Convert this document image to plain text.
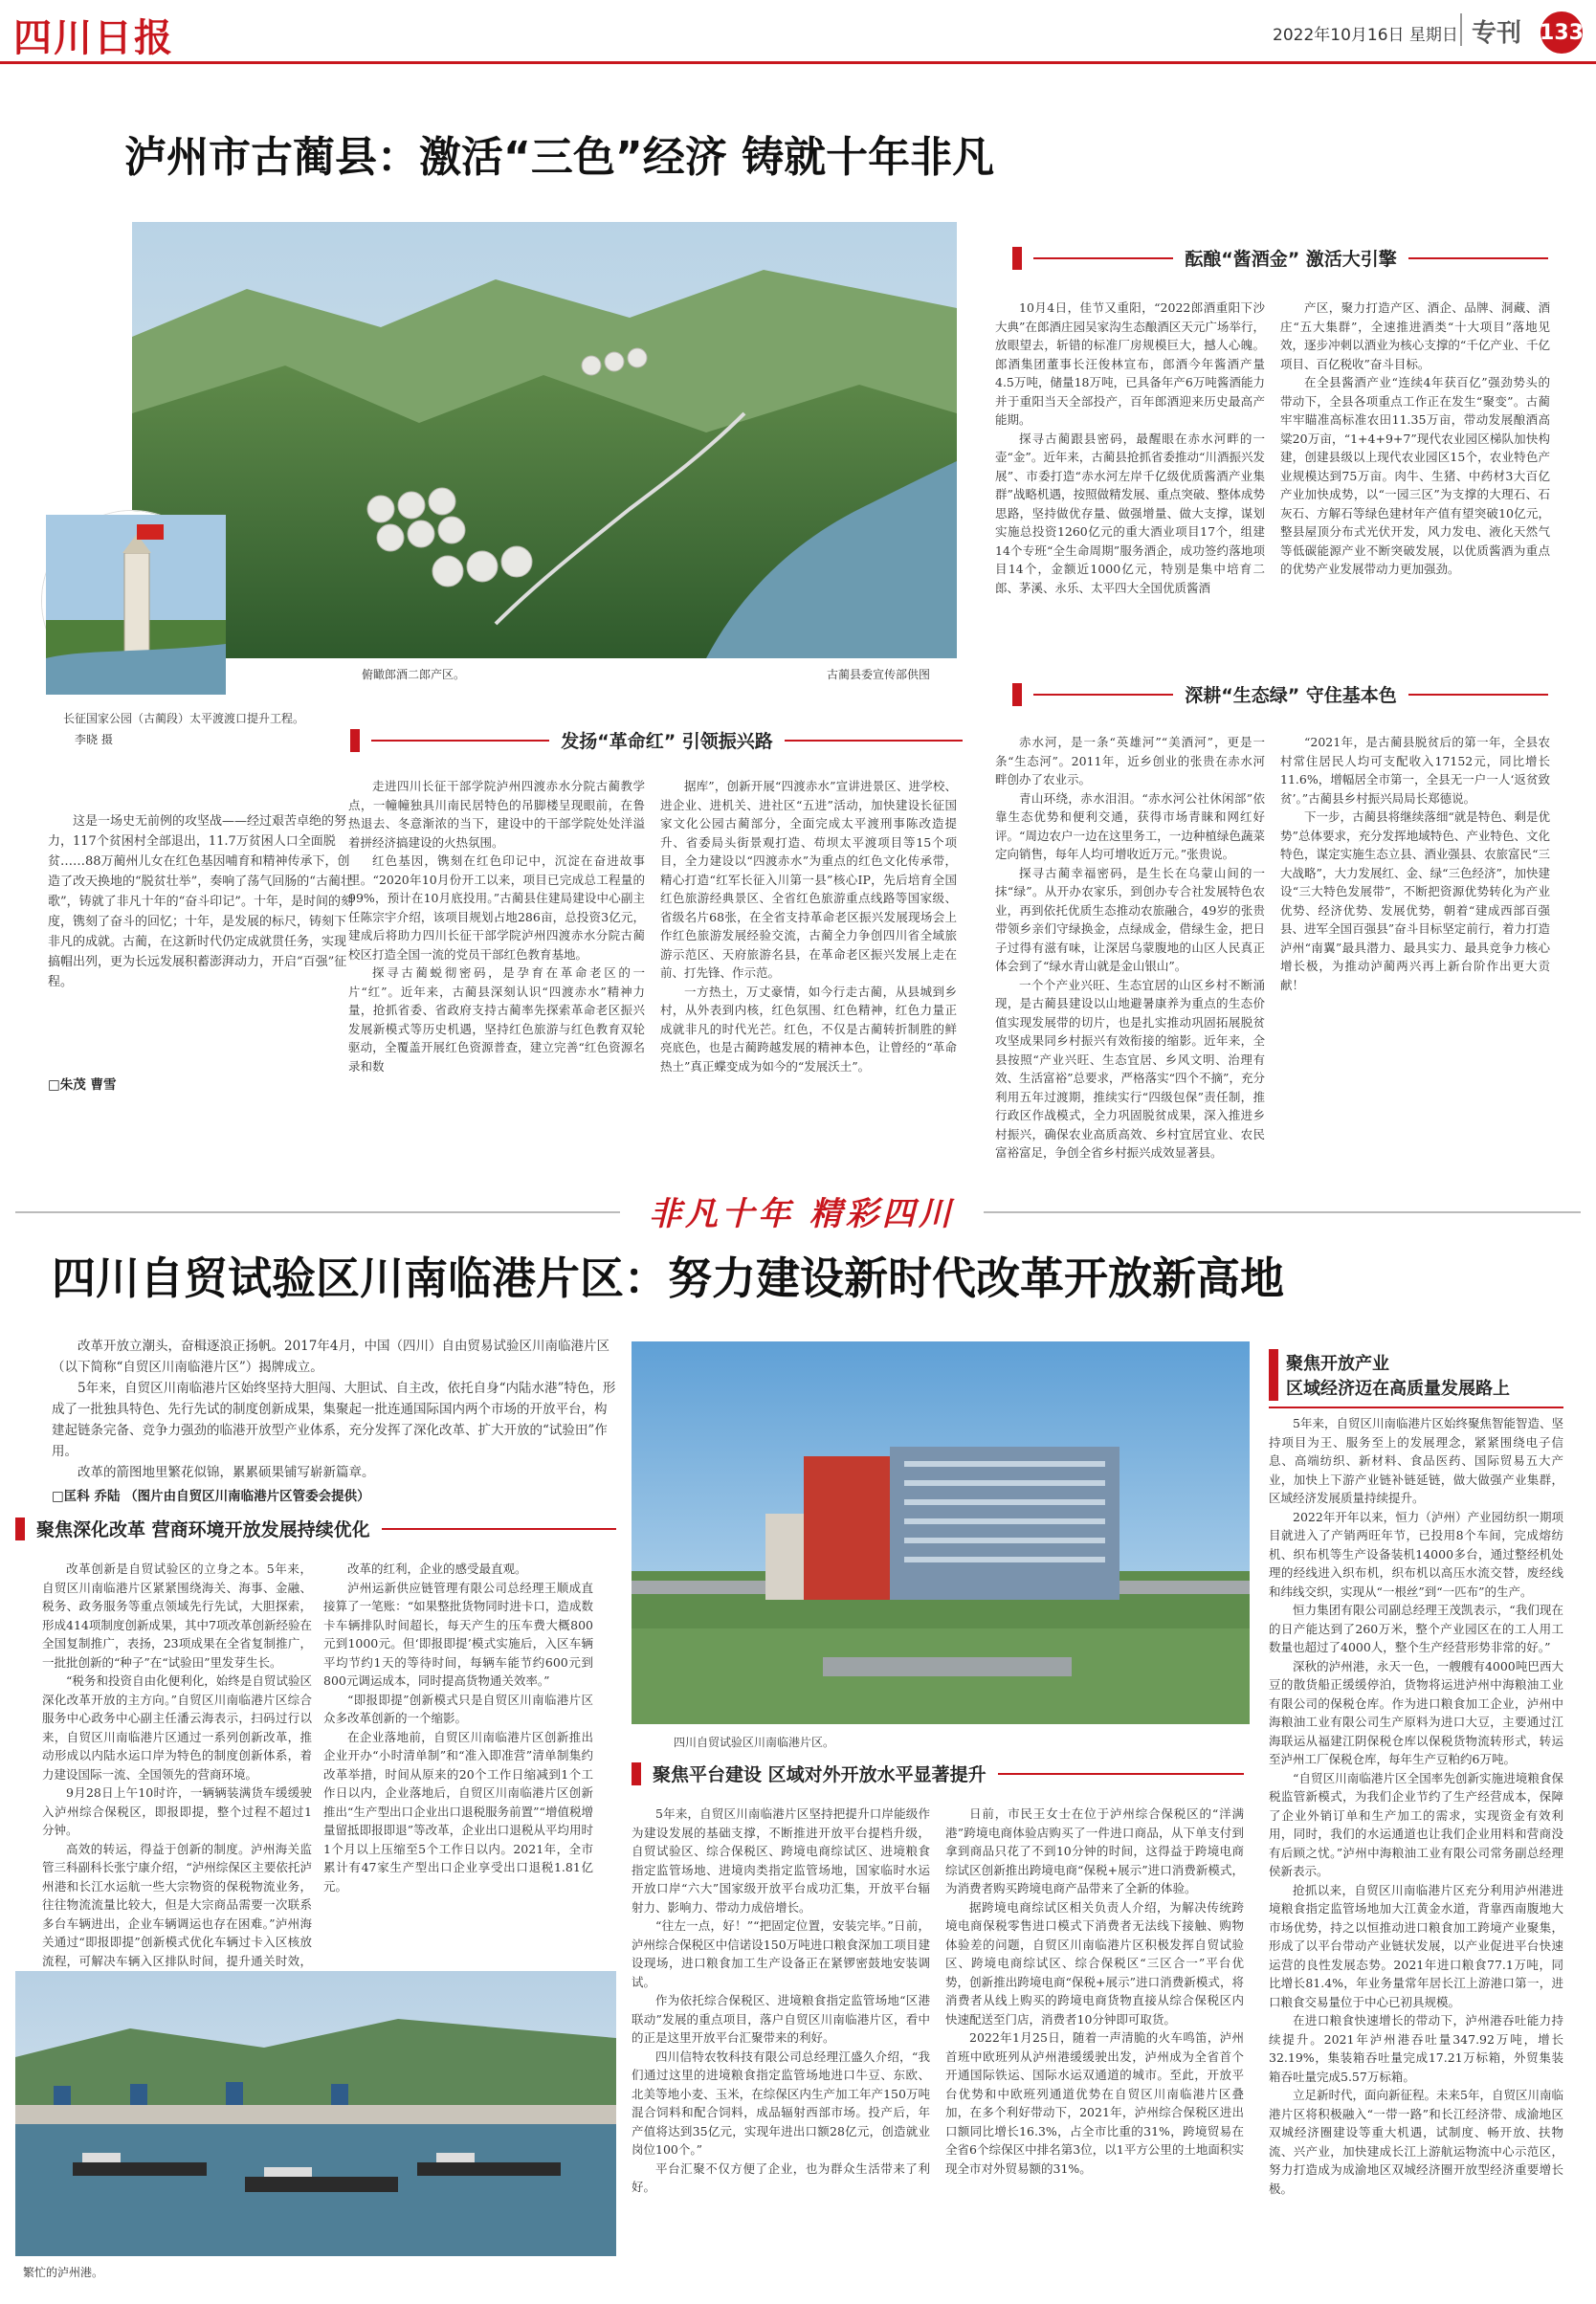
四川日报	2022年10月16日 星期日 专刊 133
泸州市古蔺县：激活“三色”经济 铸就十年非凡
俯瞰郎酒二郎产区。	古蔺县委宣传部供图
长征国家公园（古蔺段）太平渡渡口提升工程。 李晓 摄
这是一场史无前例的攻坚战——经过艰苦卓绝的努力，117个贫困村全部退出，11.7万贫困人口全面脱贫……88万蔺州儿女在红色基因哺育和精神传承下，创造了改天换地的“脱贫壮举”，奏响了荡气回肠的“古蔺壮歌”，铸就了非凡十年的“奋斗印记”。十年，是时间的刻度，镌刻了奋斗的回忆；十年，是发展的标尺，铸刻下非凡的成就。古蔺，在这新时代仍定成就贯任务，实现搞帽出列，更为长远发展积蓄澎湃动力，开启“百强”征程。
□朱茂 曹雪
酝酿“酱酒金” 激活大引擎

10月4日，佳节又重阳，“2022郎酒重阳下沙大典”在郎酒庄园吴家沟生态酿酒区天元广场举行，放眼望去，斩错的标准厂房规模巨大，撼人心魄。郎酒集团董事长汪俊林宣布，郎酒今年酱酒产量4.5万吨，储量18万吨，已具备年产6万吨酱酒能力并于重阳当天全部投产，百年郎酒迎来历史最高产能期。

探寻古蔺跟县密码，最醒眼在赤水河畔的一壶“金”。近年来，古蔺县抢抓省委推动“川酒振兴发展”、市委打造“赤水河左岸千亿级优质酱酒产业集群”战略机遇，按照做精发展、重点突破、整体成势思路，坚持做优存量、做强增量、做大支撑，谋划实施总投资1260亿元的重大酒业项目17个，组建14个专班“全生命周期”服务酒企，成功签约落地项目14个，金额近1000亿元，特别是集中培育二郎、茅溪、永乐、太平四大全国优质酱酒

产区，聚力打造产区、酒企、品牌、洞藏、酒庄“五大集群”，全速推进酒类“十大项目”落地见效，逐步冲刺以酒业为核心支撑的“千亿产业、千亿项目、百亿税收”奋斗目标。

在全县酱酒产业“连续4年获百亿”强劲势头的带动下，全县各项重点工作正在发生“聚变”。古蔺牢牢瞄准高标准农田11.35万亩，带动发展酿酒高粱20万亩，“1+4+9+7”现代农业园区梯队加快构建，创建县级以上现代农业园区15个，农业特色产业规模达到75万亩。肉牛、生猪、中药材3大百亿产业加快成势，以“一园三区”为支撑的大理石、石灰石、方解石等绿色建材年产值有望突破10亿元，整县屋顶分布式光伏开发，风力发电、液化天然气等低碳能源产业不断突破发展，以优质酱酒为重点的优势产业发展带动力更加强劲。

发扬“革命红” 引领振兴路

走进四川长征干部学院泸州四渡赤水分院古蔺教学点，一幢幢独具川南民居特色的吊脚楼呈现眼前，在鲁热退去、冬意渐浓的当下，建设中的干部学院处处洋溢着拼经济搞建设的火热氛围。

红色基因，镌刻在红色印记中，沉淀在奋进故事里。“2020年10月份开工以来，项目已完成总工程量的99%，预计在10月底投用。”古蔺县住建局建设中心副主任陈宗宇介绍，该项目规划占地286亩，总投资3亿元，建成后将助力四川长征干部学院泸州四渡赤水分院古蔺校区打造全国一流的党员干部红色教育基地。

探寻古蔺蜕彻密码，是孕育在革命老区的一片“红”。近年来，古蔺县深刻认识“四渡赤水”精神力量，抢抓省委、省政府支持古蔺率先探索革命老区振兴发展新模式等历史机遇，坚持红色旅游与红色教育双轮驱动，全覆盖开展红色资源普查，建立完善“红色资源名录和数

据库”，创新开展“四渡赤水”宣讲进景区、进学校、进企业、进机关、进社区“五进”活动，加快建设长征国家文化公园古蔺部分，全面完成太平渡刑事陈改造提升、省委局头街景观打造、苟坝太平渡项目等15个项目，全力建设以“四渡赤水”为重点的红色文化传承带，精心打造“红军长征入川第一县”核心IP，先后培育全国红色旅游经典景区、全省红色旅游重点线路等国家级、省级名片68张，在全省支持革命老区振兴发展现场会上作红色旅游发展经验交流，古蔺全力争创四川省全域旅游示范区、天府旅游名县，在革命老区振兴发展上走在前、打先锋、作示范。

一方热土，万丈豪情，如今行走古蔺，从县城到乡村，从外表到内核，红色氛围、红色精神，红色力量正成就非凡的时代光芒。红色，不仅是古蔺转折制胜的鲜亮底色，也是古蔺跨越发展的精神本色，让曾经的“革命热土”真正蝶变成为如今的“发展沃土”。

深耕“生态绿” 守住基本色

赤水河，是一条“英雄河”“美酒河”，更是一条“生态河”。2011年，近乡创业的张贵在赤水河畔创办了农业示。

青山环绕，赤水泪泪。“赤水河公社休闲部”依靠生态优势和便利交通，获得市场青睐和网红好评。“周边农户一边在这里务工，一边种植绿色蔬菜定向销售，每年人均可增收近万元。”张贵说。

探寻古蔺幸福密码，是生长在乌蒙山间的一抹“绿”。从开办农家乐，到创办专合社发展特色农业，再到依托优质生态推动农旅融合，49岁的张贵带领乡亲们守绿换金，点绿成金，借绿生金，把日子过得有滋有味，让深居乌蒙腹地的山区人民真正体会到了“绿水青山就是金山银山”。

一个个产业兴旺、生态宜居的山区乡村不断涌现，是古蔺县建设以山地避暑康养为重点的生态价值实现发展带的切片，也是扎实推动巩固拓展脱贫攻坚成果同乡村振兴有效衔接的缩影。近年来，全县按照“产业兴旺、生态宜居、乡风文明、治理有效、生活富裕”总要求，严格落实“四个不摘”，充分利用五年过渡期，推续实行“四级包保”责任制，推行政区作战模式，全力巩固脱贫成果，深入推进乡村振兴，确保农业高质高效、乡村宜居宜业、农民富裕富足，争创全省乡村振兴成效显著县。

“2021年，是古蔺县脱贫后的第一年，全县农村常住居民人均可支配收入17152元，同比增长11.6%，增幅居全市第一，全县无一户一人‘返贫致贫’。”古蔺县乡村振兴局局长郑德说。

下一步，古蔺县将继续落细“就是特色、剩是优势”总体要求，充分发挥地域特色、产业特色、文化特色，谋定实施生态立县、酒业强县、农旅富民“三大战略”，大力发展红、金、绿“三色经济”，加快建设“三大特色发展带”，不断把资源优势转化为产业优势、经济优势、发展优势，朝着“建成西部百强县、进军全国百强县”奋斗目标坚定前行，着力打造泸州“南翼”最具潜力、最具实力、最具竞争力核心增长极，为推动泸蔺两兴再上新台阶作出更大贡献！

非凡十年 精彩四川
四川自贸试验区川南临港片区：努力建设新时代改革开放新高地

改革开放立潮头，奋楫逐浪正扬帆。2017年4月，中国（四川）自由贸易试验区川南临港片区（以下简称“自贸区川南临港片区”）揭牌成立。

5年来，自贸区川南临港片区始终坚持大胆闯、大胆试、自主改，依托自身“内陆水港”特色，形成了一批独具特色、先行先试的制度创新成果，集聚起一批连通国际国内两个市场的开放平台，构建起链条完备、竞争力强劲的临港开放型产业体系，充分发挥了深化改革、扩大开放的“试验田”作用。

改革的箭图地里繁花似锦，累累硕果铺写崭新篇章。

□匡科 乔陆 （图片由自贸区川南临港片区管委会提供）
四川自贸试验区川南临港片区。
聚焦深化改革 营商环境开放发展持续优化

改革创新是自贸试验区的立身之本。5年来，自贸区川南临港片区紧紧围绕海关、海事、金融、税务、政务服务等重点领域先行先试，大胆探索，形成414项制度创新成果，其中7项改革创新经验在全国复制推广，表扬，23项成果在全省复制推广，一批批创新的“种子”在“试验田”里发芽生长。

“税务和投资自由化便利化，始终是自贸试验区深化改革开放的主方向。”自贸区川南临港片区综合服务中心政务中心副主任潘云海表示，扫码过行以来，自贸区川南临港片区通过一系列创新改革，推动形成以内陆水运口岸为特色的制度创新体系，着力建设国际一流、全国领先的营商环境。

9月28日上午10时许，一辆辆装满货车缓缓驶入泸州综合保税区，即报即提，整个过程不超过1分钟。

高效的转运，得益于创新的制度。泸州海关监管三科副科长张宁康介绍，“泸州综保区主要依托泸州港和长江水运航一些大宗物资的保税物流业务，往往物流流量比较大，但是大宗商品需要一次联系多台车辆进出，企业车辆调运也存在困难。”泸州海关通过“即报即提”创新模式优化车辆过卡入区核放流程，可解决车辆入区排队时间，提升通关时效，

改革的红利，企业的感受最直观。

泸州运新供应链管理有限公司总经理王顺成直接算了一笔账：“如果整批货物同时进卡口，造成数卡车辆排队时间超长，每天产生的压车费大概800元到1000元。但‘即报即提’模式实施后，入区车辆平均节约1天的等待时间，每辆车能节约600元到800元调运成本，同时提高货物通关效率。”

“即报即提”创新模式只是自贸区川南临港片区众多改革创新的一个缩影。

在企业落地前，自贸区川南临港片区创新推出企业开办“小时清单制”和“准入即准营”清单制集约改革举措，时间从原来的20个工作日缩减到1个工作日以内，企业落地后，自贸区川南临港片区创新推出“生产型出口企业出口退税服务前置”“增值税增量留抵即报即退”等改革，企业出口退税从平均用时1个月以上压缩至5个工作日以内。2021年，全市累计有47家生产型出口企业享受出口退税1.81亿元。

繁忙的泸州港。
聚焦平台建设 区域对外开放水平显著提升

5年来，自贸区川南临港片区坚持把提升口岸能级作为建设发展的基础支撑，不断推进开放平台提档升级，自贸试验区、综合保税区、跨境电商综试区、进境粮食指定监管场地、进境肉类指定监管场地，国家临时水运开放口岸“六大”国家级开放平台成功汇集，开放平台辐射力、影响力、带动力成倍增长。

“往左一点，好！”“把固定位置，安装完毕。”日前，泸州综合保税区中信诺设150万吨进口粮食深加工项目建设现场，进口粮食加工生产设备正在紧锣密鼓地安装调试。

作为依托综合保税区、进境粮食指定监管场地“区港联动”发展的重点项目，落户自贸区川南临港片区，看中的正是这里开放平台汇聚带来的利好。

四川信特农牧科技有限公司总经理江盛久介绍，“我们通过这里的进境粮食指定监管场地进口牛豆、东欧、北美等地小麦、玉米，在综保区内生产加工年产150万吨混合饲料和配合饲料，成品辐射西部市场。投产后，年产值将达到35亿元，实现年进出口额28亿元，创造就业岗位100个。”

平台汇聚不仅方便了企业，也为群众生活带来了利好。

日前，市民王女士在位于泸州综合保税区的“洋满港”跨境电商体验店购买了一件进口商品，从下单支付到拿到商品只花了不到10分钟的时间，这得益于跨境电商综试区创新推出跨境电商“保税+展示”进口消费新模式，为消费者购买跨境电商产品带来了全新的体验。

据跨境电商综试区相关负责人介绍，为解决传统跨境电商保税零售进口模式下消费者无法线下接触、购物体验差的问题，自贸区川南临港片区积极发挥自贸试验区、跨境电商综试区、综合保税区“三区合一”平台优势，创新推出跨境电商“保税+展示”进口消费新模式，将消费者从线上购买的跨境电商货物直接从综合保税区内快速配送至门店，消费者10分钟即可取货。

2022年1月25日，随着一声清脆的火车鸣笛，泸州首班中欧班列从泸州港缓缓驶出发，泸州成为全省首个开通国际铁运、国际水运双通道的城市。至此，开放平台优势和中欧班列通道优势在自贸区川南临港片区叠加，在多个利好带动下，2021年，泸州综合保税区进出口额同比增长16.3%，占全市比重的31%，跨境贸易在全省6个综保区中排名第3位，以1平方公里的土地面积实现全市对外贸易额的31%。

聚焦开放产业
区域经济迈在高质量发展路上

5年来，自贸区川南临港片区始终聚焦智能智造、坚持项目为王、服务至上的发展理念，紧紧围绕电子信息、高端纺织、新材料、食品医药、国际贸易五大产业，加快上下游产业链补链延链，做大做强产业集群，区域经济发展质量持续提升。

2022年开年以来，恒力（泸州）产业园纺织一期项目就进入了产销两旺年节，已投用8个车间，完成熔纺机、织布机等生产设备装机14000多台，通过整经机处理的经线进入织布机，织布机以高压水流交替，废经线和纬线交织，实现从“一根丝”到“一匹布”的生产。

恒力集团有限公司副总经理王茂凯表示，“我们现在的日产能达到了260万米，整个产业园区在的工人用工数量也超过了4000人，整个生产经营形势非常的好。”

深秋的泸州港，永天一色，一艘艘有4000吨巴西大豆的散货船正缓缓停泊，货物将运进泸州中海粮油工业有限公司的保税仓库。作为进口粮食加工企业，泸州中海粮油工业有限公司生产原料为进口大豆，主要通过江海联运从福建江阴保税仓库以保税货物流转形式，转运至泸州工厂保税仓库，每年生产豆粕约6万吨。

“自贸区川南临港片区全国率先创新实施进境粮食保税监管新模式，为我们企业节约了生产经营成本，保障了企业外销订单和生产加工的需求，实现资金有效利用，同时，我们的水运通道也让我们企业用料和营商没有后顾之忧。”泸州中海粮油工业有限公司常务副总经理侯新表示。

抢抓以来，自贸区川南临港片区充分利用泸州港进境粮食指定监管场地加大江黄金水道，背靠西南腹地大市场优势，持之以恒推动进口粮食加工跨境产业聚集，形成了以平台带动产业链状发展，以产业促进平台快速运营的良性发展态势。2021年进口粮食77.1万吨，同比增长81.4%，年业务量常年居长江上游港口第一，进口粮食交易量位于中心已初具规模。

在进口粮食快速增长的带动下，泸州港吞吐能力持续提升。2021年泸州港吞吐量347.92万吨，增长32.19%，集装箱吞吐量完成17.21万标箱，外贸集装箱吞吐量完成5.57万标箱。

立足新时代，面向新征程。未来5年，自贸区川南临港片区将积极融入“一带一路”和长江经济带、成渝地区双城经济圈建设等重大机遇，试制度、畅开放、扶物流、兴产业，加快建成长江上游航运物流中心示范区，努力打造成为成渝地区双城经济圈开放型经济重要增长极。
